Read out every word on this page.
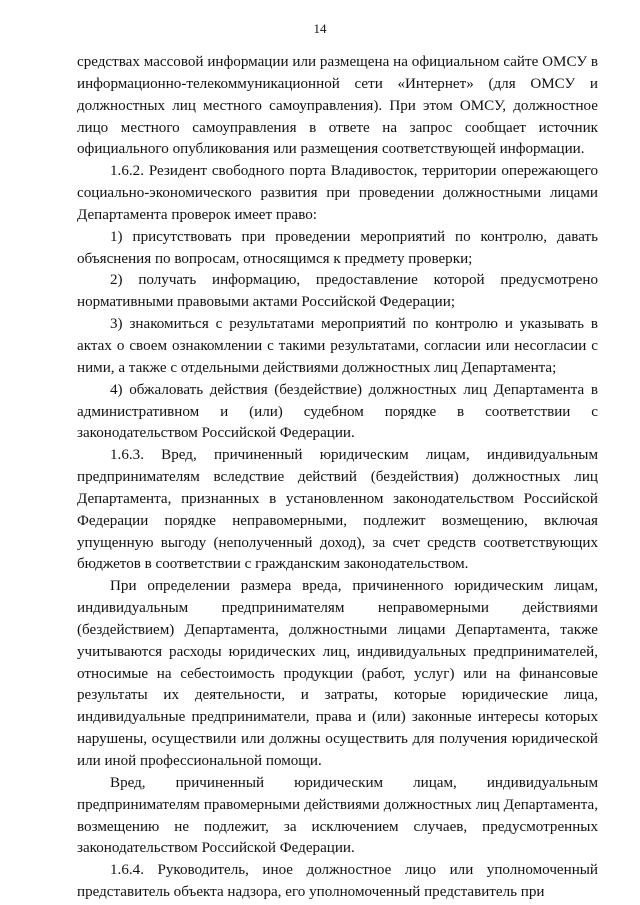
14

средствах массовой информации или размещена на официальном сайте ОМСУ в информационно-телекоммуникационной сети «Интернет» (для ОМСУ и должностных лиц местного самоуправления). При этом ОМСУ, должностное лицо местного самоуправления в ответе на запрос сообщает источник официального опубликования или размещения соответствующей информации.

1.6.2. Резидент свободного порта Владивосток, территории опережающего социально-экономического развития при проведении должностными лицами Департамента проверок имеет право:

1) присутствовать при проведении мероприятий по контролю, давать объяснения по вопросам, относящимся к предмету проверки;

2) получать информацию, предоставление которой предусмотрено нормативными правовыми актами Российской Федерации;

3) знакомиться с результатами мероприятий по контролю и указывать в актах о своем ознакомлении с такими результатами, согласии или несогласии с ними, а также с отдельными действиями должностных лиц Департамента;

4) обжаловать действия (бездействие) должностных лиц Департамента в административном и (или) судебном порядке в соответствии с законодательством Российской Федерации.

1.6.3. Вред, причиненный юридическим лицам, индивидуальным предпринимателям вследствие действий (бездействия) должностных лиц Департамента, признанных в установленном законодательством Российской Федерации порядке неправомерными, подлежит возмещению, включая упущенную выгоду (неполученный доход), за счет средств соответствующих бюджетов в соответствии с гражданским законодательством.

При определении размера вреда, причиненного юридическим лицам, индивидуальным предпринимателям неправомерными действиями (бездействием) Департамента, должностными лицами Департамента, также учитываются расходы юридических лиц, индивидуальных предпринимателей, относимые на себестоимость продукции (работ, услуг) или на финансовые результаты их деятельности, и затраты, которые юридические лица, индивидуальные предприниматели, права и (или) законные интересы которых нарушены, осуществили или должны осуществить для получения юридической или иной профессиональной помощи.

Вред, причиненный юридическим лицам, индивидуальным предпринимателям правомерными действиями должностных лиц Департамента, возмещению не подлежит, за исключением случаев, предусмотренных законодательством Российской Федерации.

1.6.4. Руководитель, иное должностное лицо или уполномоченный представитель объекта надзора, его уполномоченный представитель при
